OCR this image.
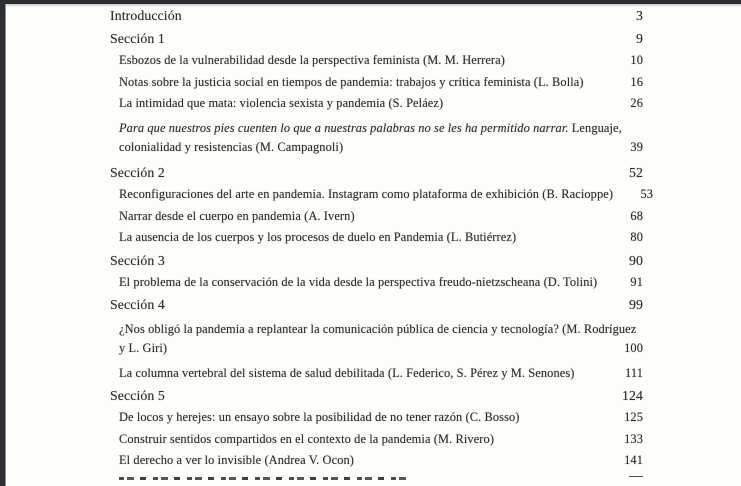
Introducción	3
Sección 1	9
Esbozos de la vulnerabilidad desde la perspectiva feminista (M. M. Herrera)	10
Notas sobre la justicia social en tiempos de pandemia: trabajos y crítica feminista (L. Bolla)	16
La intimidad que mata: violencia sexista y pandemia (S. Peláez)	26
Para que nuestros pies cuenten lo que a nuestras palabras no se les ha permitido narrar. Lenguaje, colonialidad y resistencias (M. Campagnoli)	39
Sección 2	52
Reconfiguraciones del arte en pandemia. Instagram como plataforma de exhibición (B. Racioppe)	53
Narrar desde el cuerpo en pandemia (A. Ivern)	68
La ausencia de los cuerpos y los procesos de duelo en Pandemia (L. Butiérrez)	80
Sección 3	90
El problema de la conservación de la vida desde la perspectiva freudo-nietzscheana (D. Tolini)	91
Sección 4	99
¿Nos obligó la pandemia a replantear la comunicación pública de ciencia y tecnología? (M. Rodríguez y L. Giri)	100
La columna vertebral del sistema de salud debilitada (L. Federico, S. Pérez y M. Senones)	111
Sección 5	124
De locos y herejes: un ensayo sobre la posibilidad de no tener razón (C. Bosso)	125
Construir sentidos compartidos en el contexto de la pandemia (M. Rivero)	133
El derecho a ver lo invisible (Andrea V. Ocon)	141
